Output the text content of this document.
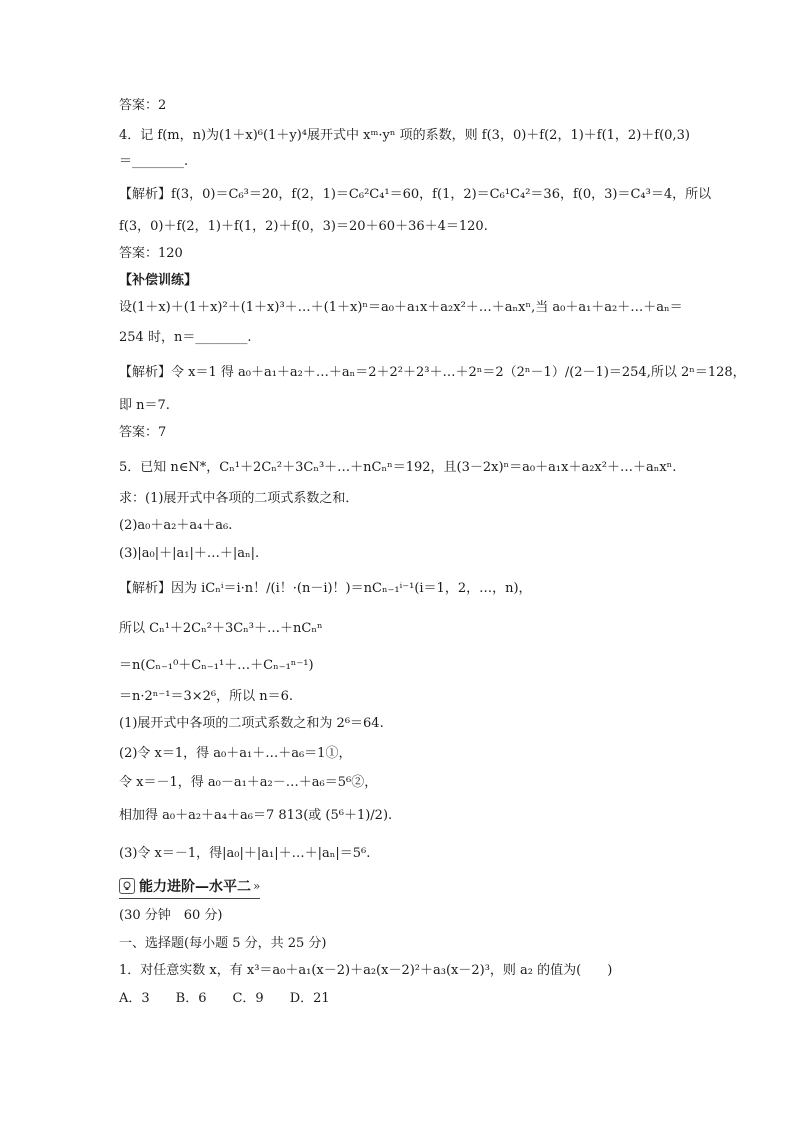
答案：2
4．记 f(m，n)为(1＋x)⁶(1＋y)⁴展开式中 xᵐ·yⁿ 项的系数，则 f(3，0)＋f(2，1)＋f(1，2)＋f(0,3)
＝________.
【解析】f(3，0)＝C₆³＝20，f(2，1)＝C₆²C₄¹＝60，f(1，2)＝C₆¹C₄²＝36，f(0，3)＝C₄³＝4，所以
f(3，0)＋f(2，1)＋f(1，2)＋f(0，3)＝20＋60＋36＋4＝120.
答案：120
【补偿训练】
设(1＋x)＋(1＋x)²＋(1＋x)³＋…＋(1＋x)ⁿ＝a₀＋a₁x＋a₂x²＋…＋aₙxⁿ,当 a₀＋a₁＋a₂＋…＋aₙ＝
254 时，n＝________.
【解析】令 x＝1 得 a₀＋a₁＋a₂＋…＋aₙ＝2＋2²＋2³＋…＋2ⁿ＝2（2ⁿ－1）/(2－1)＝254,所以 2ⁿ＝128，
即 n＝7.
答案：7
5．已知 n∈N*，Cₙ¹＋2Cₙ²＋3Cₙ³＋…＋nCₙⁿ＝192，且(3－2x)ⁿ＝a₀＋a₁x＋a₂x²＋…＋aₙxⁿ.
求：(1)展开式中各项的二项式系数之和．
(2)a₀＋a₂＋a₄＋a₆.
(3)|a₀|＋|a₁|＋…＋|aₙ|.
【解析】因为 iCₙⁱ＝i·n！/(i！·(n－i)！)＝nCₙ₋₁ⁱ⁻¹(i＝1，2，…，n)，
所以 Cₙ¹＋2Cₙ²＋3Cₙ³＋…＋nCₙⁿ
＝n(Cₙ₋₁⁰＋Cₙ₋₁¹＋…＋Cₙ₋₁ⁿ⁻¹)
＝n·2ⁿ⁻¹＝3×2⁶，所以 n＝6.
(1)展开式中各项的二项式系数之和为 2⁶＝64.
(2)令 x＝1，得 a₀＋a₁＋…＋a₆＝1①，
令 x＝－1，得 a₀－a₁＋a₂－…＋a₆＝5⁶②，
相加得 a₀＋a₂＋a₄＋a₆＝7 813(或 (5⁶＋1)/2).
(3)令 x＝－1，得|a₀|＋|a₁|＋…＋|aₙ|＝5⁶.
能力进阶—水平二 »
(30 分钟　60 分)
一、选择题(每小题 5 分，共 25 分)
1．对任意实数 x，有 x³＝a₀＋a₁(x－2)＋a₂(x－2)²＋a₃(x－2)³，则 a₂ 的值为(　　)
A．3　　B．6　　C．9　　D．21
